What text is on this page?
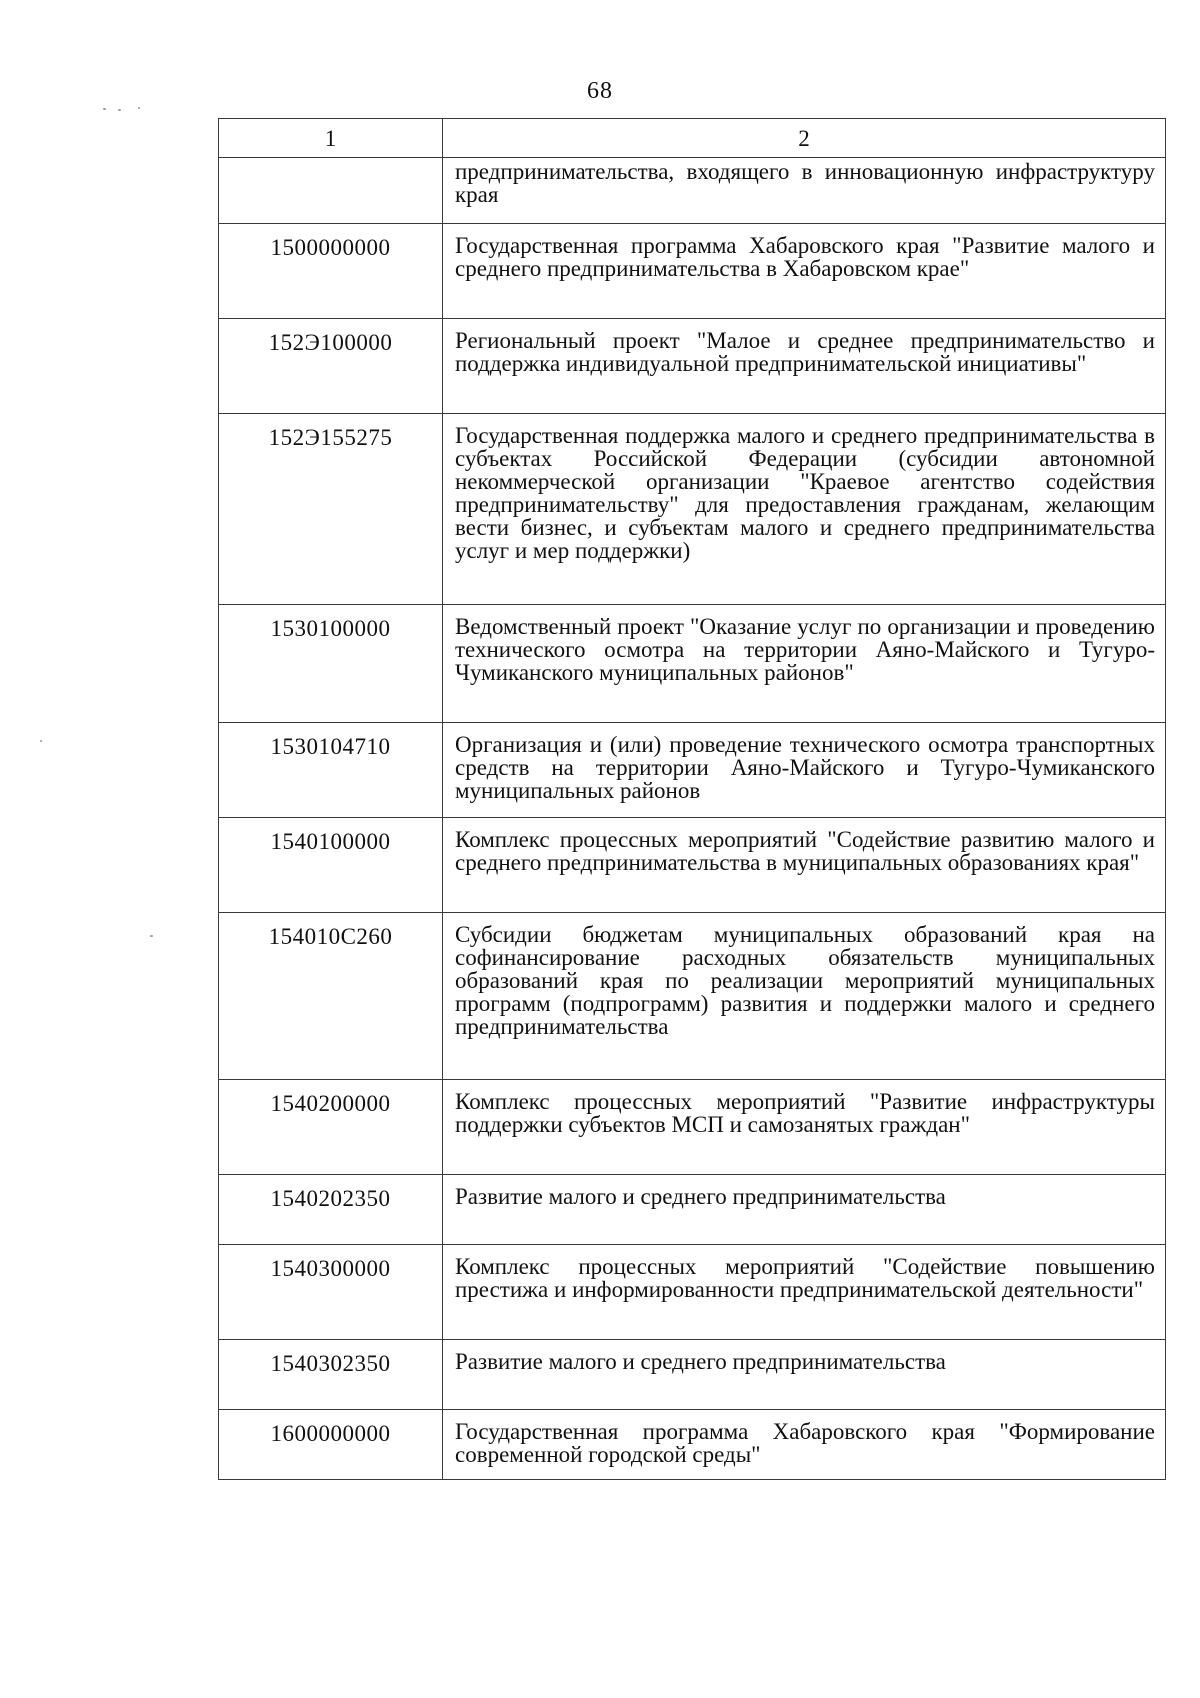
68
1	2
	предпринимательства, входящего в инновационную инфраструктуру края
1500000000	Государственная программа Хабаровского края "Развитие малого и среднего предпринимательства в Хабаровском крае"
152Э100000	Региональный проект "Малое и среднее предпринимательство и поддержка индивидуальной предпринимательской инициативы"
152Э155275	Государственная поддержка малого и среднего предпринимательства в субъектах Российской Федерации (субсидии автономной некоммерческой организации "Краевое агентство содействия предпринимательству" для предоставления гражданам, желающим вести бизнес, и субъектам малого и среднего предпринимательства услуг и мер поддержки)
1530100000	Ведомственный проект "Оказание услуг по организации и проведению технического осмотра на территории Аяно-Майского и Тугуро-Чумиканского муниципальных районов"
1530104710	Организация и (или) проведение технического осмотра транспортных средств на территории Аяно-Майского и Тугуро-Чумиканского муниципальных районов
1540100000	Комплекс процессных мероприятий "Содействие развитию малого и среднего предпринимательства в муниципальных образованиях края"
154010С260	Субсидии бюджетам муниципальных образований края на софинансирование расходных обязательств муниципальных образований края по реализации мероприятий муниципальных программ (подпрограмм) развития и поддержки малого и среднего предпринимательства
1540200000	Комплекс процессных мероприятий "Развитие инфраструктуры поддержки субъектов МСП и самозанятых граждан"
1540202350	Развитие малого и среднего предпринимательства
1540300000	Комплекс процессных мероприятий "Содействие повышению престижа и информированности предпринимательской деятельности"
1540302350	Развитие малого и среднего предпринимательства
1600000000	Государственная программа Хабаровского края "Формирование современной городской среды"
